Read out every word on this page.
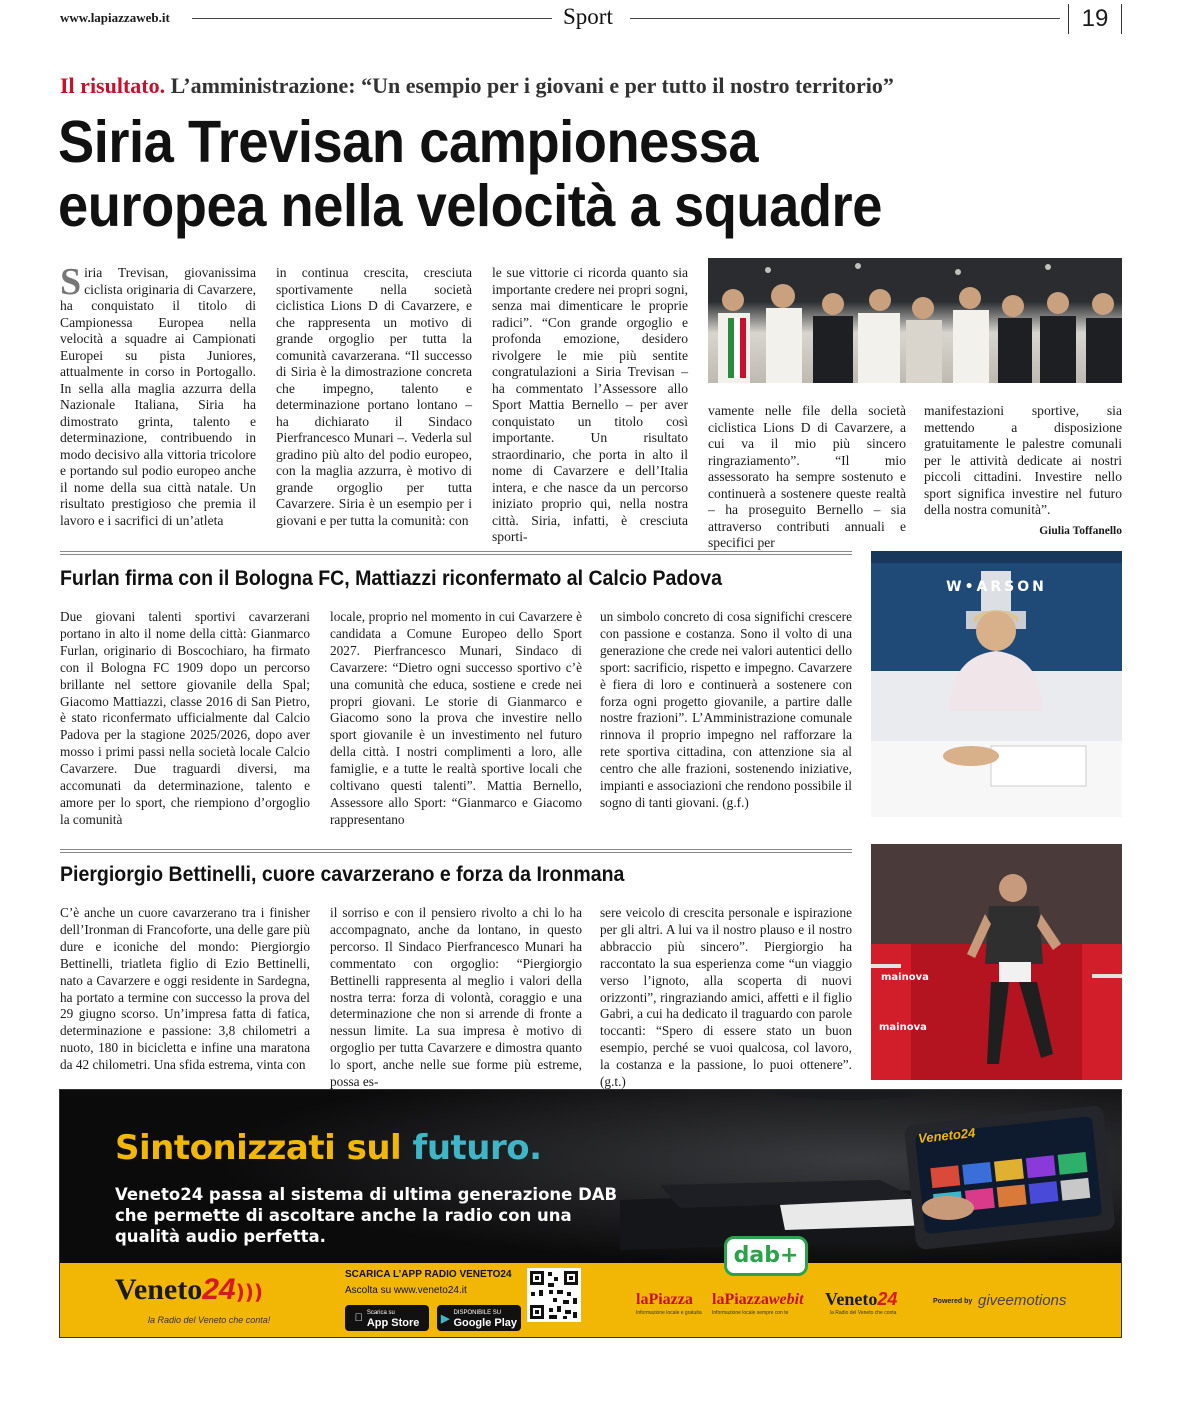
www.lapiazzaweb.it	Sport	19
Il risultato. L’amministrazione: “Un esempio per i giovani e per tutto il nostro territorio”
Siria Trevisan campionessa
europea nella velocità a squadre
Siria Trevisan, giovanissima ciclista originaria di Cavarzere, ha conquistato il titolo di Campionessa Europea nella velocità a squadre ai Campionati Europei su pista Juniores, attualmente in corso in Portogallo. In sella alla maglia azzurra della Nazionale Italiana, Siria ha dimostrato grinta, talento e determinazione, contribuendo in modo decisivo alla vittoria tricolore e portando sul podio europeo anche il nome della sua città natale. Un risultato prestigioso che premia il lavoro e i sacrifici di un’atleta
in continua crescita, cresciuta sportivamente nella società ciclistica Lions D di Cavarzere, e che rappresenta un motivo di grande orgoglio per tutta la comunità cavarzerana. “Il successo di Siria è la dimostrazione concreta che impegno, talento e determinazione portano lontano – ha dichiarato il Sindaco Pierfrancesco Munari –. Vederla sul gradino più alto del podio europeo, con la maglia azzurra, è motivo di grande orgoglio per tutta Cavarzere. Siria è un esempio per i giovani e per tutta la comunità: con
le sue vittorie ci ricorda quanto sia importante credere nei propri sogni, senza mai dimenticare le proprie radici”. “Con grande orgoglio e profonda emozione, desidero rivolgere le mie più sentite congratulazioni a Siria Trevisan – ha commentato l’Assessore allo Sport Mattia Bernello – per aver conquistato un titolo così importante. Un risultato straordinario, che porta in alto il nome di Cavarzere e dell’Italia intera, e che nasce da un percorso iniziato proprio qui, nella nostra città. Siria, infatti, è cresciuta sporti-
vamente nelle file della società ciclistica Lions D di Cavarzere, a cui va il mio più sincero ringraziamento”. “Il mio assessorato ha sempre sostenuto e continuerà a sostenere queste realtà – ha proseguito Bernello – sia attraverso contributi annuali e specifici per
manifestazioni sportive, sia mettendo a disposizione gratuitamente le palestre comunali per le attività dedicate ai nostri piccoli cittadini. Investire nello sport significa investire nel futuro della nostra comunità”.
Giulia Toffanello
Furlan firma con il Bologna FC, Mattiazzi riconfermato al Calcio Padova
Due giovani talenti sportivi cavarzerani portano in alto il nome della città: Gianmarco Furlan, originario di Boscochiaro, ha firmato con il Bologna FC 1909 dopo un percorso brillante nel settore giovanile della Spal; Giacomo Mattiazzi, classe 2016 di San Pietro, è stato riconfermato ufficialmente dal Calcio Padova per la stagione 2025/2026, dopo aver mosso i primi passi nella società locale Calcio Cavarzere. Due traguardi diversi, ma accomunati da determinazione, talento e amore per lo sport, che riempiono d’orgoglio la comunità
locale, proprio nel momento in cui Cavarzere è candidata a Comune Europeo dello Sport 2027. Pierfrancesco Munari, Sindaco di Cavarzere: “Dietro ogni successo sportivo c’è una comunità che educa, sostiene e crede nei propri giovani. Le storie di Gianmarco e Giacomo sono la prova che investire nello sport giovanile è un investimento nel futuro della città. I nostri complimenti a loro, alle famiglie, e a tutte le realtà sportive locali che coltivano questi talenti”. Mattia Bernello, Assessore allo Sport: “Gianmarco e Giacomo rappresentano
un simbolo concreto di cosa significhi crescere con passione e costanza. Sono il volto di una generazione che crede nei valori autentici dello sport: sacrificio, rispetto e impegno. Cavarzere è fiera di loro e continuerà a sostenere con forza ogni progetto giovanile, a partire dalle nostre frazioni”. L’Amministrazione comunale rinnova il proprio impegno nel rafforzare la rete sportiva cittadina, con attenzione sia al centro che alle frazioni, sostenendo iniziative, impianti e associazioni che rendono possibile il sogno di tanti giovani. (g.f.)
W•ARSON
Piergiorgio Bettinelli, cuore cavarzerano e forza da Ironmana
C’è anche un cuore cavarzerano tra i finisher dell’Ironman di Francoforte, una delle gare più dure e iconiche del mondo: Piergiorgio Bettinelli, triatleta figlio di Ezio Bettinelli, nato a Cavarzere e oggi residente in Sardegna, ha portato a termine con successo la prova del 29 giugno scorso. Un’impresa fatta di fatica, determinazione e passione: 3,8 chilometri a nuoto, 180 in bicicletta e infine una maratona da 42 chilometri. Una sfida estrema, vinta con
il sorriso e con il pensiero rivolto a chi lo ha accompagnato, anche da lontano, in questo percorso. Il Sindaco Pierfrancesco Munari ha commentato con orgoglio: “Piergiorgio Bettinelli rappresenta al meglio i valori della nostra terra: forza di volontà, coraggio e una determinazione che non si arrende di fronte a nessun limite. La sua impresa è motivo di orgoglio per tutta Cavarzere e dimostra quanto lo sport, anche nelle sue forme più estreme, possa es-
sere veicolo di crescita personale e ispirazione per gli altri. A lui va il nostro plauso e il nostro abbraccio più sincero”. Piergiorgio ha raccontato la sua esperienza come “un viaggio verso l’ignoto, alla scoperta di nuovi orizzonti”, ringraziando amici, affetti e il figlio Gabri, a cui ha dedicato il traguardo con parole toccanti: “Spero di essere stato un buon esempio, perché se vuoi qualcosa, col lavoro, la costanza e la passione, lo puoi ottenere”. (g.t.)
mainova
mainova
Sintonizzati sul futuro.
Veneto24 passa al sistema di ultima generazione DAB che permette di ascoltare anche la radio con una qualità audio perfetta.
Veneto24
dab+
Veneto24)))
la Radio del Veneto che conta!
SCARICA L’APP RADIO VENETO24
Ascolta su www.veneto24.it
Scarica su
App Store ▶ DISPONIBILE SU
Google Play
laPiazza
Informazione locale e gratuita
laPiazzawebit
Informazione locale sempre con te
Veneto24
la Radio del Veneto che conta
Powered by giveemotions
